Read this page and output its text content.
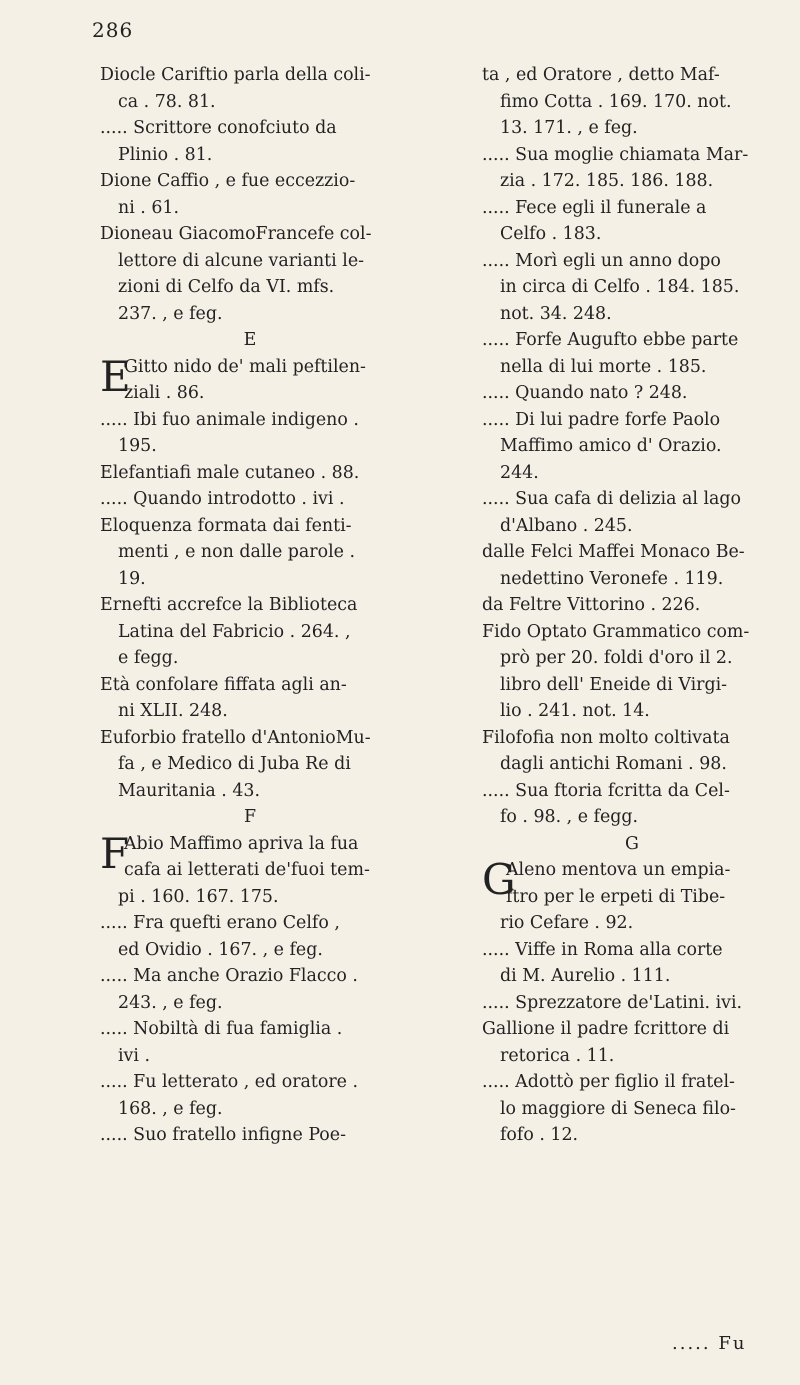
286
Diocle Cariftio parla della coli-
ca . 78. 81.
..... Scrittore conofciuto da
Plinio . 81.
Dione Caffio , e fue eccezzio-
ni . 61.
Dioneau GiacomoFrancefe col-
lettore di alcune varianti le-
zioni di Celfo da VI. mfs.
237. , e feg.
E
E
Gitto nido de' mali peftilen-
ziali . 86.
..... Ibi fuo animale indigeno .
195.
Elefantiafi male cutaneo . 88.
..... Quando introdotto . ivi .
Eloquenza formata dai fenti-
menti , e non dalle parole .
19.
Ernefti accrefce la Biblioteca
Latina del Fabricio . 264. ,
e fegg.
Età confolare fiffata agli an-
ni XLII. 248.
Euforbio fratello d'AntonioMu-
fa , e Medico di Juba Re di
Mauritania . 43.
F
F
Abio Maffimo apriva la fua
cafa ai letterati de'fuoi tem-
pi . 160. 167. 175.
..... Fra quefti erano Celfo ,
ed Ovidio . 167. , e feg.
..... Ma anche Orazio Flacco .
243. , e feg.
..... Nobiltà di fua famiglia .
ivi .
..... Fu letterato , ed oratore .
168. , e feg.
..... Suo fratello infigne Poe-
ta , ed Oratore , detto Maf-
fimo Cotta . 169. 170. not.
13. 171. , e feg.
..... Sua moglie chiamata Mar-
zia . 172. 185. 186. 188.
..... Fece egli il funerale a
Celfo . 183.
..... Morì egli un anno dopo
in circa di Celfo . 184. 185.
not. 34. 248.
..... Forfe Augufto ebbe parte
nella di lui morte . 185.
..... Quando nato ? 248.
..... Di lui padre forfe Paolo
Maffimo amico d' Orazio.
244.
..... Sua cafa di delizia al lago
d'Albano . 245.
dalle Felci Maffei Monaco Be-
nedettino Veronefe . 119.
da Feltre Vittorino . 226.
Fido Optato Grammatico com-
prò per 20. foldi d'oro il 2.
libro dell' Eneide di Virgi-
lio . 241. not. 14.
Filofofia non molto coltivata
dagli antichi Romani . 98.
..... Sua ftoria fcritta da Cel-
fo . 98. , e fegg.
G
G
Aleno mentova un empia-
ftro per le erpeti di Tibe-
rio Cefare . 92.
..... Viffe in Roma alla corte
di M. Aurelio . 111.
..... Sprezzatore de'Latini. ivi.
Gallione il padre fcrittore di
retorica . 11.
..... Adottò per figlio il fratel-
lo maggiore di Seneca filo-
fofo . 12.
..... Fu
